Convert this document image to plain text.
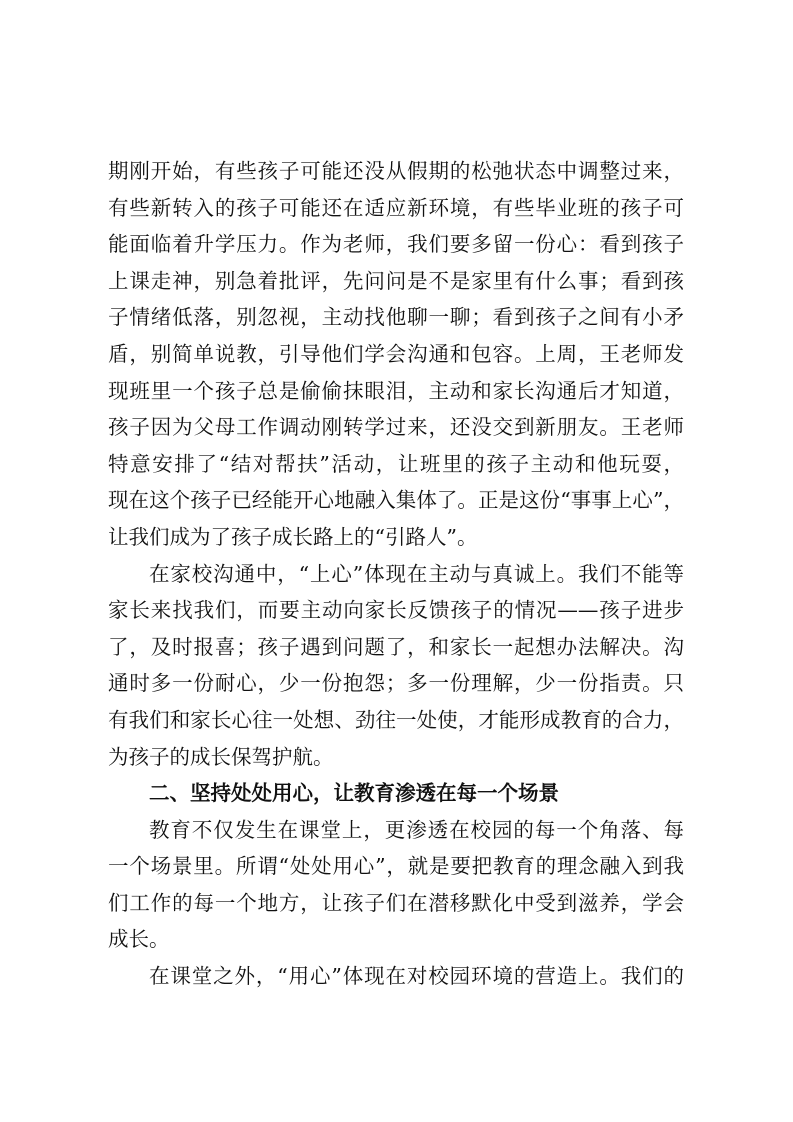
期刚开始，有些孩子可能还没从假期的松弛状态中调整过来，
有些新转入的孩子可能还在适应新环境，有些毕业班的孩子可
能面临着升学压力。作为老师，我们要多留一份心：看到孩子
上课走神，别急着批评，先问问是不是家里有什么事；看到孩
子情绪低落，别忽视，主动找他聊一聊；看到孩子之间有小矛
盾，别简单说教，引导他们学会沟通和包容。上周，王老师发
现班里一个孩子总是偷偷抹眼泪，主动和家长沟通后才知道，
孩子因为父母工作调动刚转学过来，还没交到新朋友。王老师
特意安排了“结对帮扶”活动，让班里的孩子主动和他玩耍，
现在这个孩子已经能开心地融入集体了。正是这份“事事上心”，
让我们成为了孩子成长路上的“引路人”。
在家校沟通中，“上心”体现在主动与真诚上。我们不能等
家长来找我们，而要主动向家长反馈孩子的情况——孩子进步
了，及时报喜；孩子遇到问题了，和家长一起想办法解决。沟
通时多一份耐心，少一份抱怨；多一份理解，少一份指责。只
有我们和家长心往一处想、劲往一处使，才能形成教育的合力，
为孩子的成长保驾护航。
二、坚持处处用心，让教育渗透在每一个场景
教育不仅发生在课堂上，更渗透在校园的每一个角落、每
一个场景里。所谓“处处用心”，就是要把教育的理念融入到我
们工作的每一个地方，让孩子们在潜移默化中受到滋养，学会
成长。
在课堂之外，“用心”体现在对校园环境的营造上。我们的
